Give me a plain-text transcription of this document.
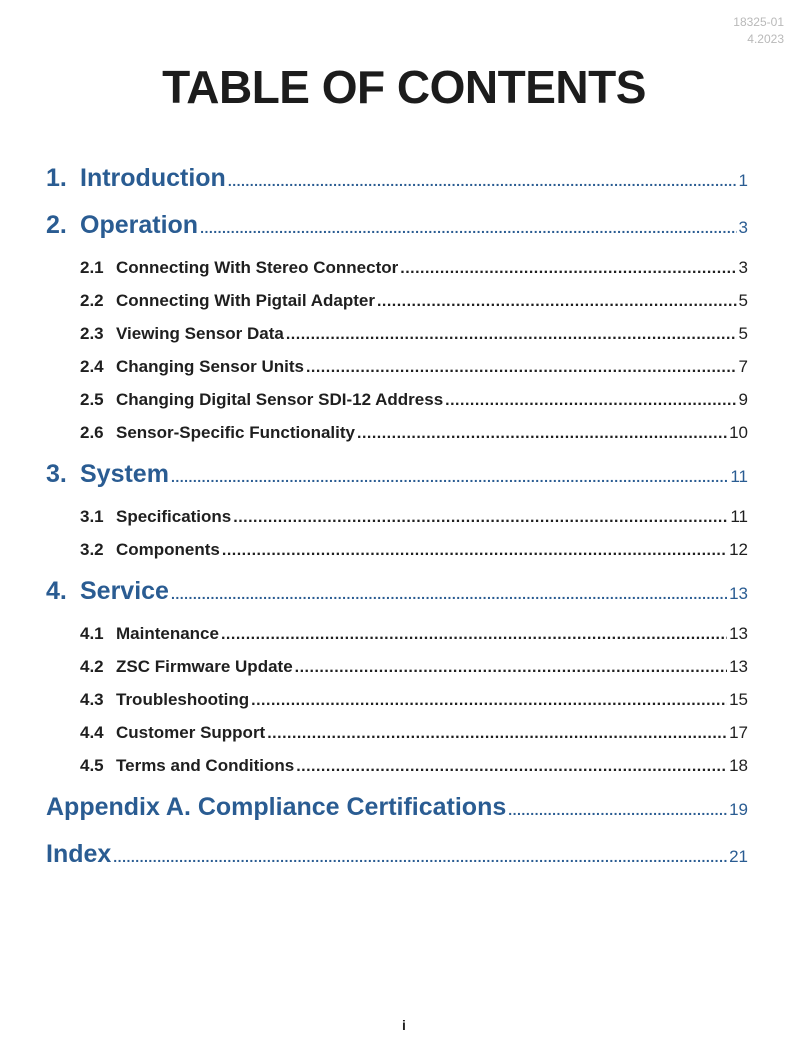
18325-01
4.2023
TABLE OF CONTENTS
1. Introduction .....	1
2. Operation .....	3
2.1 Connecting With Stereo Connector .....	3
2.2 Connecting With Pigtail Adapter .....	5
2.3 Viewing Sensor Data .....	5
2.4 Changing Sensor Units .....	7
2.5 Changing Digital Sensor SDI-12 Address .....	9
2.6 Sensor-Specific Functionality .....	10
3. System .....	11
3.1 Specifications .....	11
3.2 Components .....	12
4. Service .....	13
4.1 Maintenance .....	13
4.2 ZSC Firmware Update .....	13
4.3 Troubleshooting .....	15
4.4 Customer Support .....	17
4.5 Terms and Conditions .....	18
Appendix A. Compliance Certifications .....	19
Index .....	21
i
